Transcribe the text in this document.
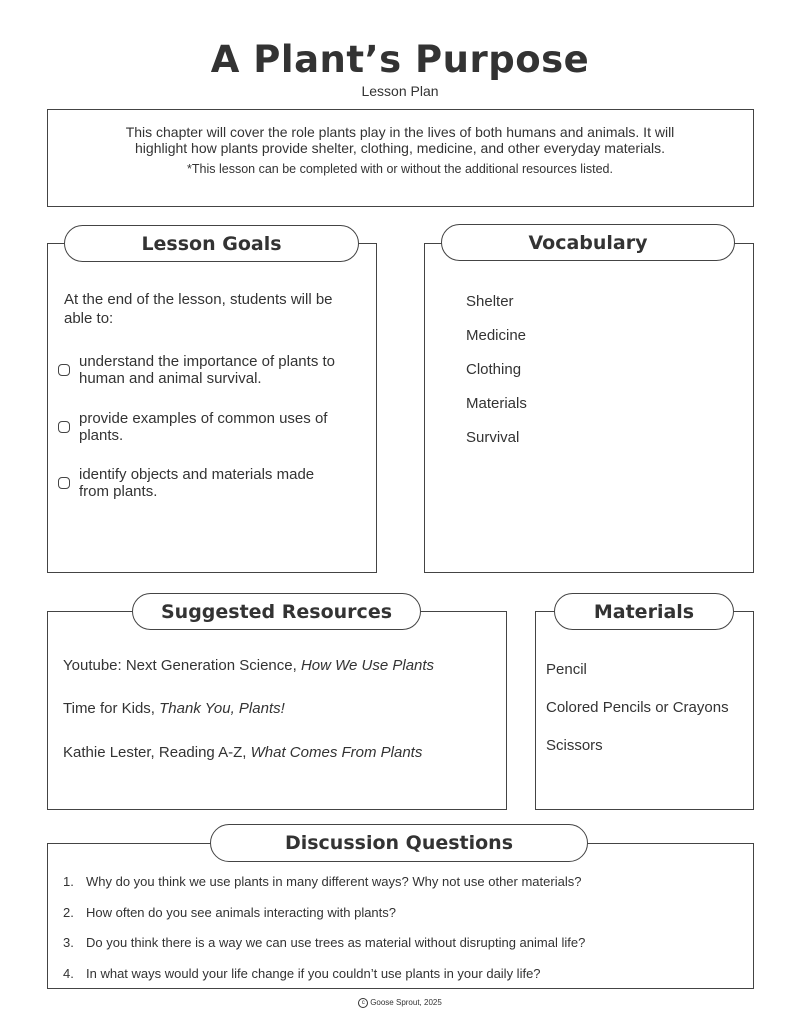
A Plant’s Purpose
Lesson Plan
This chapter will cover the role plants play in the lives of both humans and animals. It will
highlight how plants provide shelter, clothing, medicine, and other everyday materials.
*This lesson can be completed with or without the additional resources listed.
Lesson Goals
At the end of the lesson, students will be
able to:
understand the importance of plants to
human and animal survival.
provide examples of common uses of
plants.
identify objects and materials made
from plants.
Vocabulary
Shelter
Medicine
Clothing
Materials
Survival
Suggested Resources
Youtube: Next Generation Science, How We Use Plants
Time for Kids, Thank You, Plants!
Kathie Lester, Reading A-Z, What Comes From Plants
Materials
Pencil
Colored Pencils or Crayons
Scissors
Discussion Questions
1. Why do you think we use plants in many different ways? Why not use other materials?
2. How often do you see animals interacting with plants?
3. Do you think there is a way we can use trees as material without disrupting animal life?
4. In what ways would your life change if you couldn’t use plants in your daily life?
c Goose Sprout, 2025
